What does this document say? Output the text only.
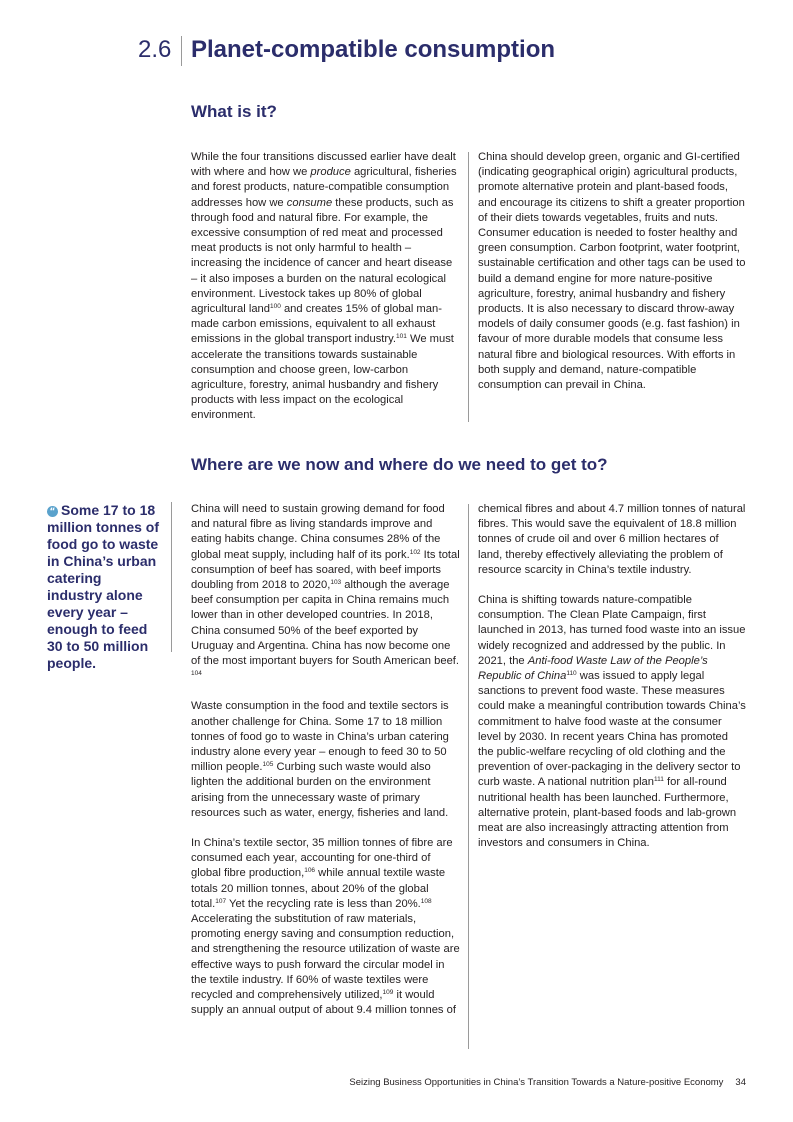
2.6 Planet-compatible consumption
What is it?

While the four transitions discussed earlier have dealt with where and how we produce agricultural, fisheries and forest products, nature-compatible consumption addresses how we consume these products, such as through food and natural fibre. For example, the excessive consumption of red meat and processed meat products is not only harmful to health – increasing the incidence of cancer and heart disease – it also imposes a burden on the natural ecological environment. Livestock takes up 80% of global agricultural land$^{100}$ and creates 15% of global man-made carbon emissions, equivalent to all exhaust emissions in the global transport industry.$^{101}$ We must accelerate the transitions towards sustainable consumption and choose green, low-carbon agriculture, forestry, animal husbandry and fishery products with less impact on the ecological environment.

China should develop green, organic and GI-certified (indicating geographical origin) agricultural products, promote alternative protein and plant-based foods, and encourage its citizens to shift a greater proportion of their diets towards vegetables, fruits and nuts. Consumer education is needed to foster healthy and green consumption. Carbon footprint, water footprint, sustainable certification and other tags can be used to build a demand engine for more nature-positive agriculture, forestry, animal husbandry and fishery products. It is also necessary to discard throw-away models of daily consumer goods (e.g. fast fashion) in favour of more durable models that consume less natural fibre and biological resources. With efforts in both supply and demand, nature-compatible consumption can prevail in China.

Where are we now and where do we need to get to?
“ Some 17 to 18 million tonnes of food go to waste in China’s urban catering industry alone every year – enough to feed 30 to 50 million people.

China will need to sustain growing demand for food and natural fibre as living standards improve and eating habits change. China consumes 28% of the global meat supply, including half of its pork.$^{102}$ Its total consumption of beef has soared, with beef imports doubling from 2018 to 2020,$^{103}$ although the average beef consumption per capita in China remains much lower than in other developed countries. In 2018, China consumed 50% of the beef exported by Uruguay and Argentina. China has now become one of the most important buyers for South American beef. $^{104}$

Waste consumption in the food and textile sectors is another challenge for China. Some 17 to 18 million tonnes of food go to waste in China’s urban catering industry alone every year – enough to feed 30 to 50 million people.$^{105}$ Curbing such waste would also lighten the additional burden on the environment arising from the unnecessary waste of primary resources such as water, energy, fisheries and land.

In China’s textile sector, 35 million tonnes of fibre are consumed each year, accounting for one-third of global fibre production,$^{106}$ while annual textile waste totals 20 million tonnes, about 20% of the global total.$^{107}$ Yet the recycling rate is less than 20%.$^{108}$ Accelerating the substitution of raw materials, promoting energy saving and consumption reduction, and strengthening the resource utilization of waste are effective ways to push forward the circular model in the textile industry. If 60% of waste textiles were recycled and comprehensively utilized,$^{109}$ it would supply an annual output of about 9.4 million tonnes of

chemical fibres and about 4.7 million tonnes of natural fibres. This would save the equivalent of 18.8 million tonnes of crude oil and over 6 million hectares of land, thereby effectively alleviating the problem of resource scarcity in China’s textile industry.

China is shifting towards nature-compatible consumption. The Clean Plate Campaign, first launched in 2013, has turned food waste into an issue widely recognized and addressed by the public. In 2021, the Anti-food Waste Law of the People’s Republic of China$^{110}$ was issued to apply legal sanctions to prevent food waste. These measures could make a meaningful contribution towards China’s commitment to halve food waste at the consumer level by 2030. In recent years China has promoted the public-welfare recycling of old clothing and the prevention of over-packaging in the delivery sector to curb waste. A national nutrition plan$^{111}$ for all-round nutritional health has been launched. Furthermore, alternative protein, plant-based foods and lab-grown meat are also increasingly attracting attention from investors and consumers in China.

Seizing Business Opportunities in China’s Transition Towards a Nature-positive Economy 34
